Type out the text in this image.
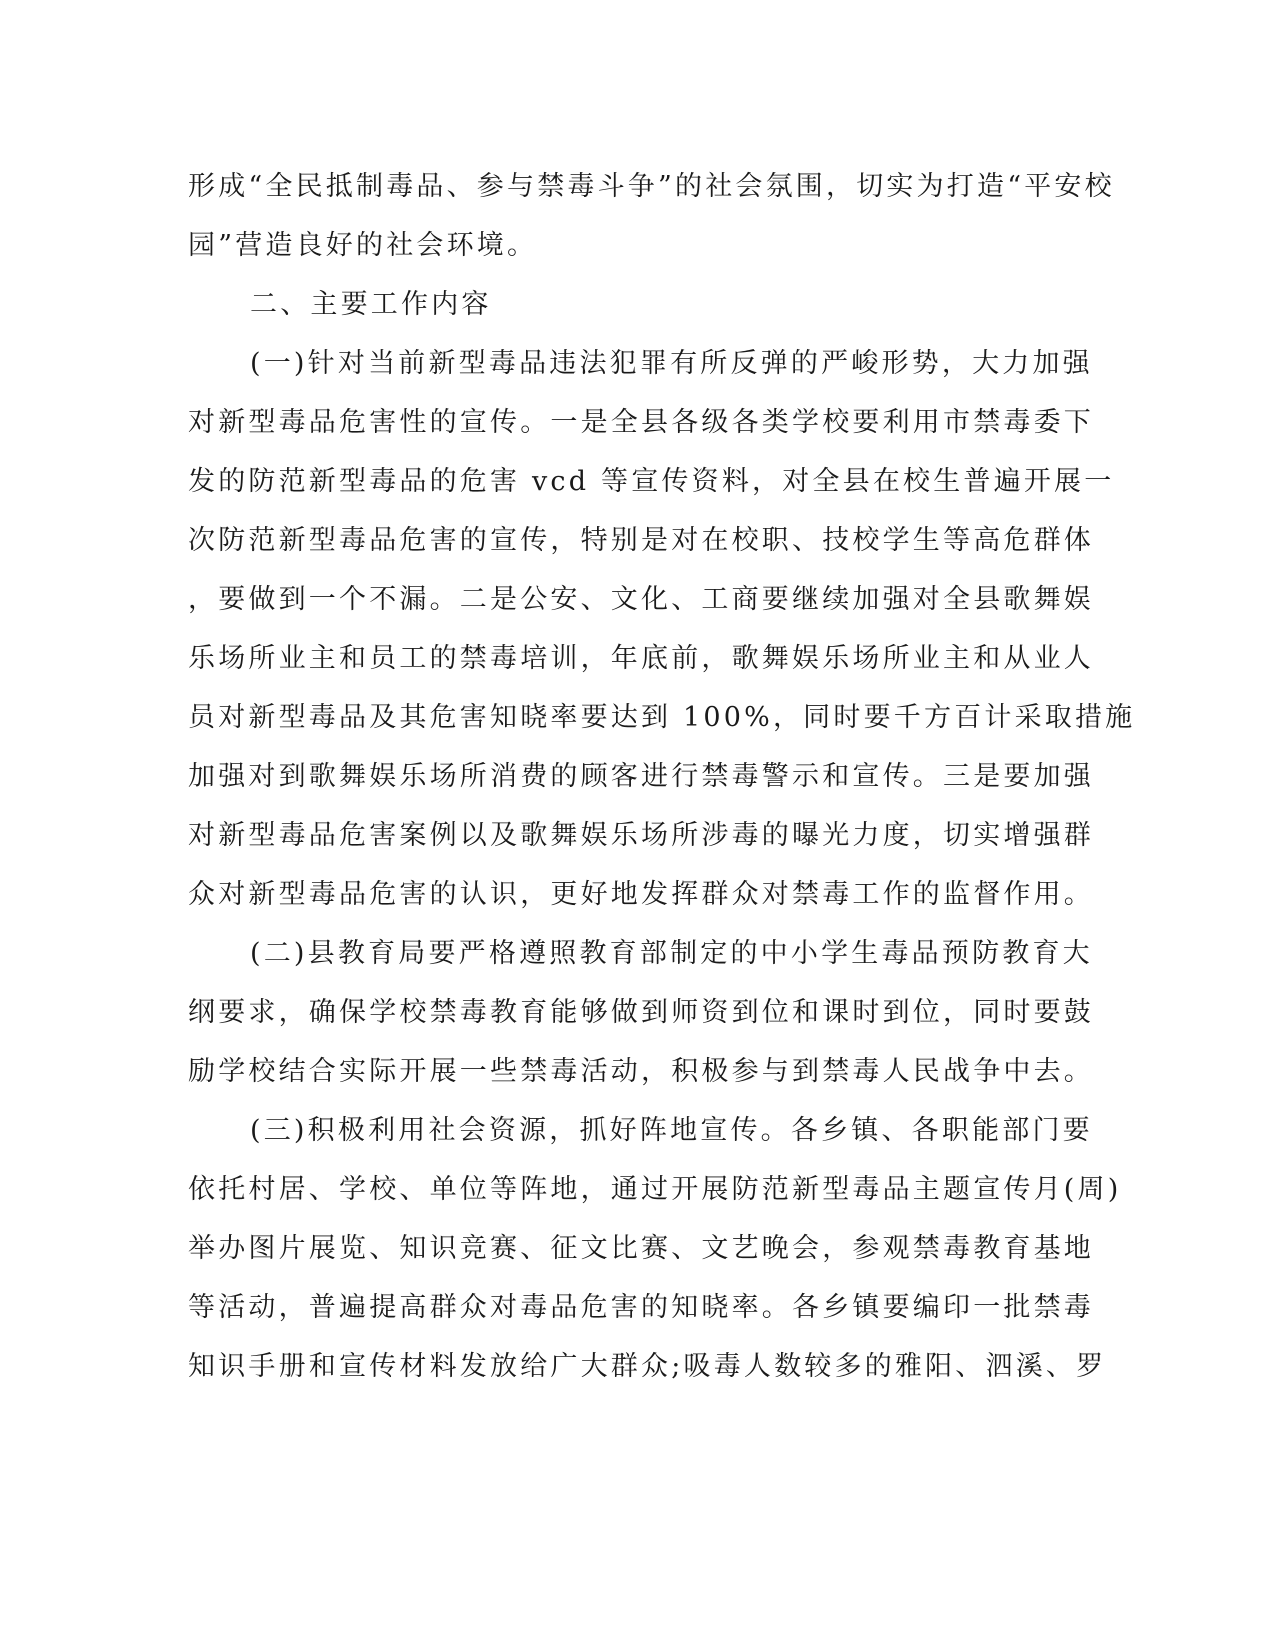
形成“全民抵制毒品、参与禁毒斗争”的社会氛围，切实为打造“平安校
园”营造良好的社会环境。
二、主要工作内容
(一)针对当前新型毒品违法犯罪有所反弹的严峻形势，大力加强
对新型毒品危害性的宣传。一是全县各级各类学校要利用市禁毒委下
发的防范新型毒品的危害 vcd 等宣传资料，对全县在校生普遍开展一
次防范新型毒品危害的宣传，特别是对在校职、技校学生等高危群体
，要做到一个不漏。二是公安、文化、工商要继续加强对全县歌舞娱
乐场所业主和员工的禁毒培训，年底前，歌舞娱乐场所业主和从业人
员对新型毒品及其危害知晓率要达到 100%，同时要千方百计采取措施
加强对到歌舞娱乐场所消费的顾客进行禁毒警示和宣传。三是要加强
对新型毒品危害案例以及歌舞娱乐场所涉毒的曝光力度，切实增强群
众对新型毒品危害的认识，更好地发挥群众对禁毒工作的监督作用。
(二)县教育局要严格遵照教育部制定的中小学生毒品预防教育大
纲要求，确保学校禁毒教育能够做到师资到位和课时到位，同时要鼓
励学校结合实际开展一些禁毒活动，积极参与到禁毒人民战争中去。
(三)积极利用社会资源，抓好阵地宣传。各乡镇、各职能部门要
依托村居、学校、单位等阵地，通过开展防范新型毒品主题宣传月(周)
举办图片展览、知识竞赛、征文比赛、文艺晚会，参观禁毒教育基地
等活动，普遍提高群众对毒品危害的知晓率。各乡镇要编印一批禁毒
知识手册和宣传材料发放给广大群众;吸毒人数较多的雅阳、泗溪、罗
